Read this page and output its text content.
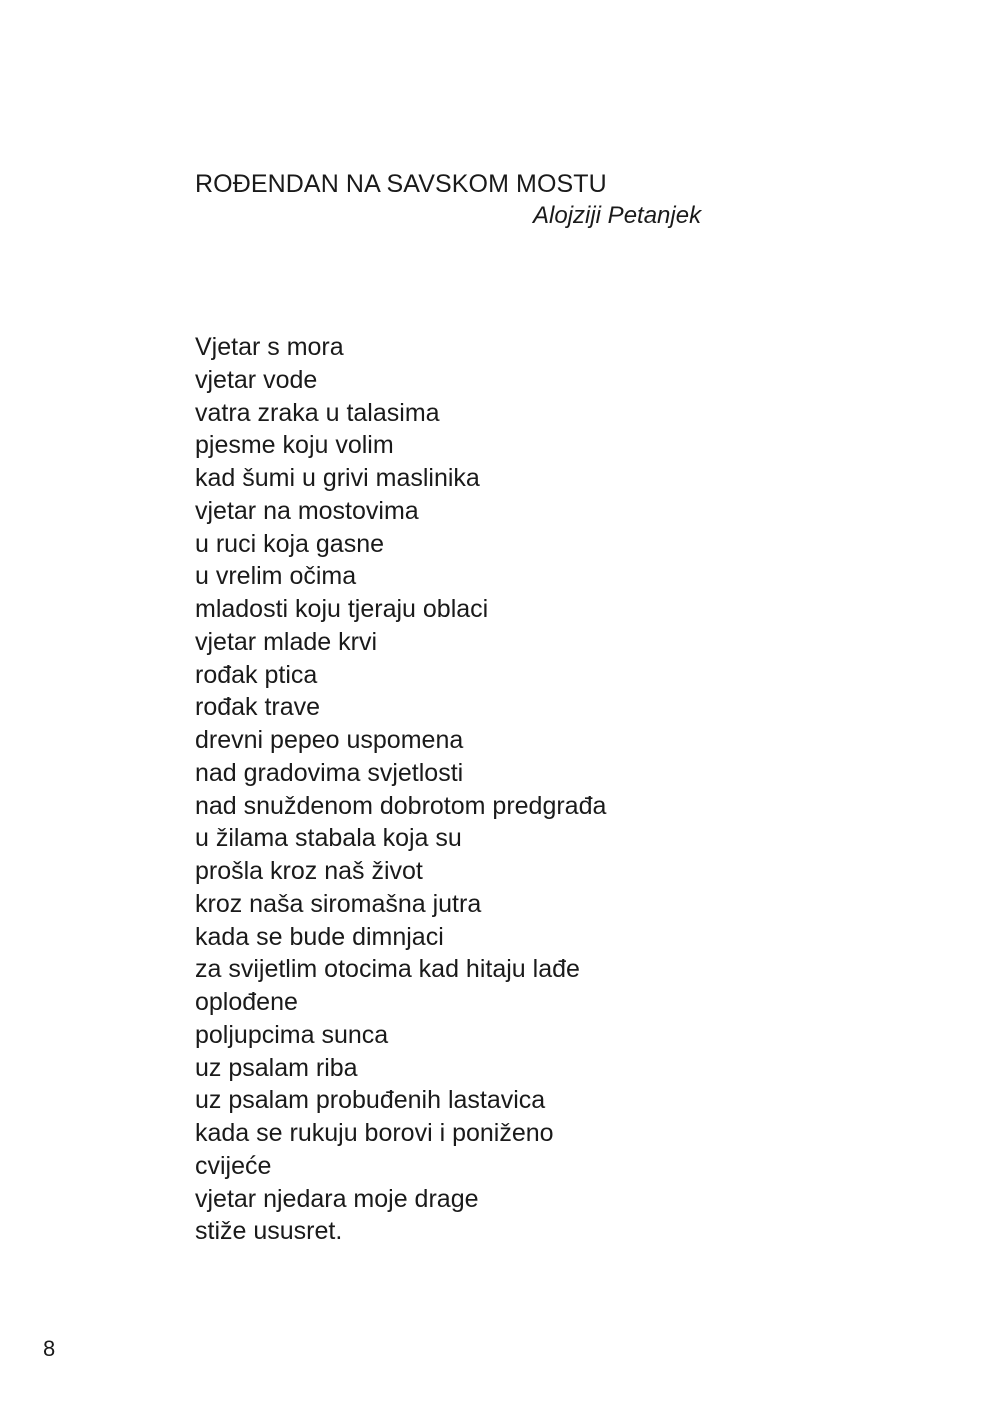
ROĐENDAN NA SAVSKOM MOSTU
Alojziji Petanjek
Vjetar s mora
vjetar vode
vatra zraka u talasima
pjesme koju volim
kad šumi u grivi maslinika
vjetar na mostovima
u ruci koja gasne
u vrelim očima
mladosti koju tjeraju oblaci
vjetar mlade krvi
rođak ptica
rođak trave
drevni pepeo uspomena
nad gradovima svjetlosti
nad snuždenom dobrotom predgrađa
u žilama stabala koja su
prošla kroz naš život
kroz naša siromašna jutra
kada se bude dimnjaci
za svijetlim otocima kad hitaju lađe
oplođene
poljupcima sunca
uz psalam riba
uz psalam probuđenih lastavica
kada se rukuju borovi i poniženo
cvijeće
vjetar njedara moje drage
stiže ususret.
8
